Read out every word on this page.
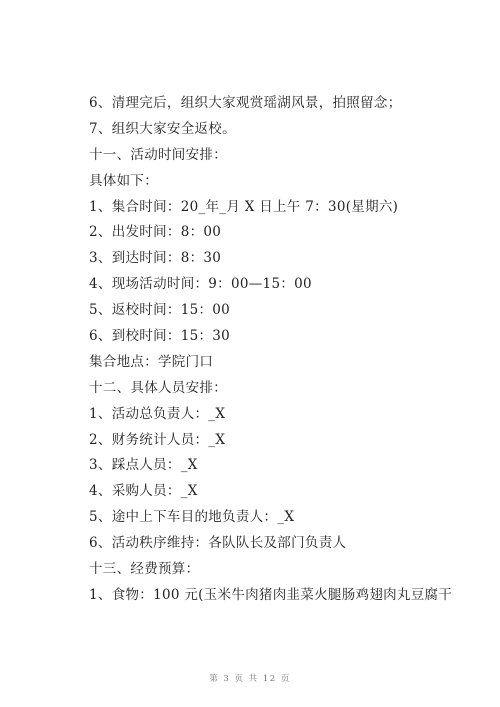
6、清理完后，组织大家观赏瑶湖风景，拍照留念；
7、组织大家安全返校。
十一、活动时间安排：
具体如下：
1、集合时间：20_年_月 X 日上午 7：30(星期六)
2、出发时间：8：00
3、到达时间：8：30
4、现场活动时间：9：00—15：00
5、返校时间：15：00
6、到校时间：15：30
集合地点：学院门口
十二、具体人员安排：
1、活动总负责人：_X
2、财务统计人员：_X
3、踩点人员：_X
4、采购人员：_X
5、途中上下车目的地负责人：_X
6、活动秩序维持：各队队长及部门负责人
十三、经费预算：
1、食物：100 元(玉米牛肉猪肉韭菜火腿肠鸡翅肉丸豆腐干
第 3 页 共 12 页
